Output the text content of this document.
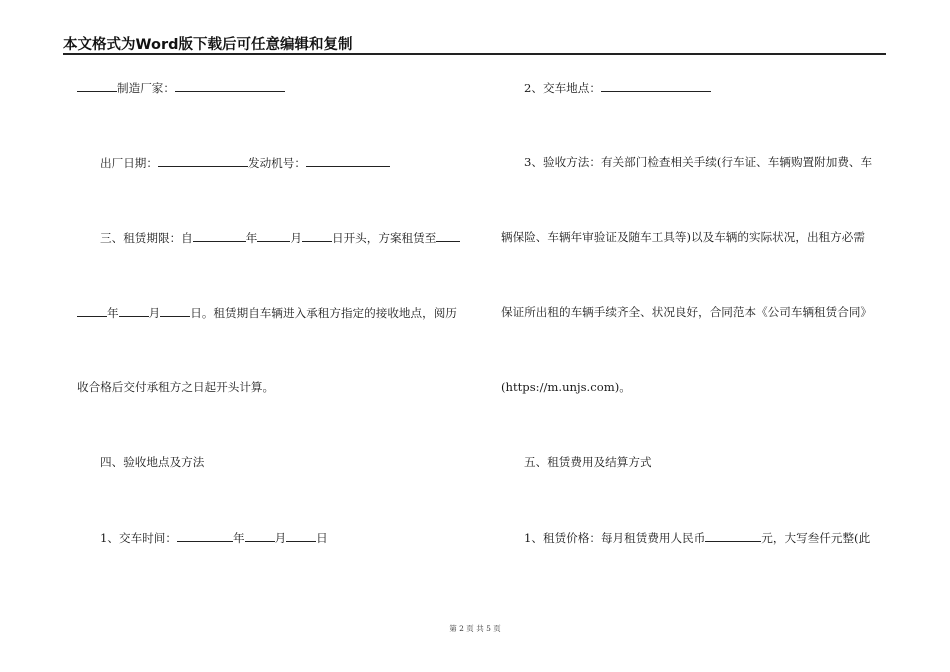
本文格式为Word版下载后可任意编辑和复制
制造厂家：
出厂日期：	发动机号：
三、租赁期限：自	年	月	日开头，方案租赁至
年	月	日。租赁期自车辆进入承租方指定的接收地点，阅历
收合格后交付承租方之日起开头计算。
四、验收地点及方法
1、交车时间：	年	月	日
2、交车地点：
3、验收方法：有关部门检查相关手续(行车证、车辆购置附加费、车
辆保险、车辆年审验证及随车工具等)以及车辆的实际状况，出租方必需
保证所出租的车辆手续齐全、状况良好，合同范本《公司车辆租赁合同》
(https://m.unjs.com)。
五、租赁费用及结算方式
1、租赁价格：每月租赁费用人民币	元，大写叁仟元整(此
第 2 页 共 5 页
